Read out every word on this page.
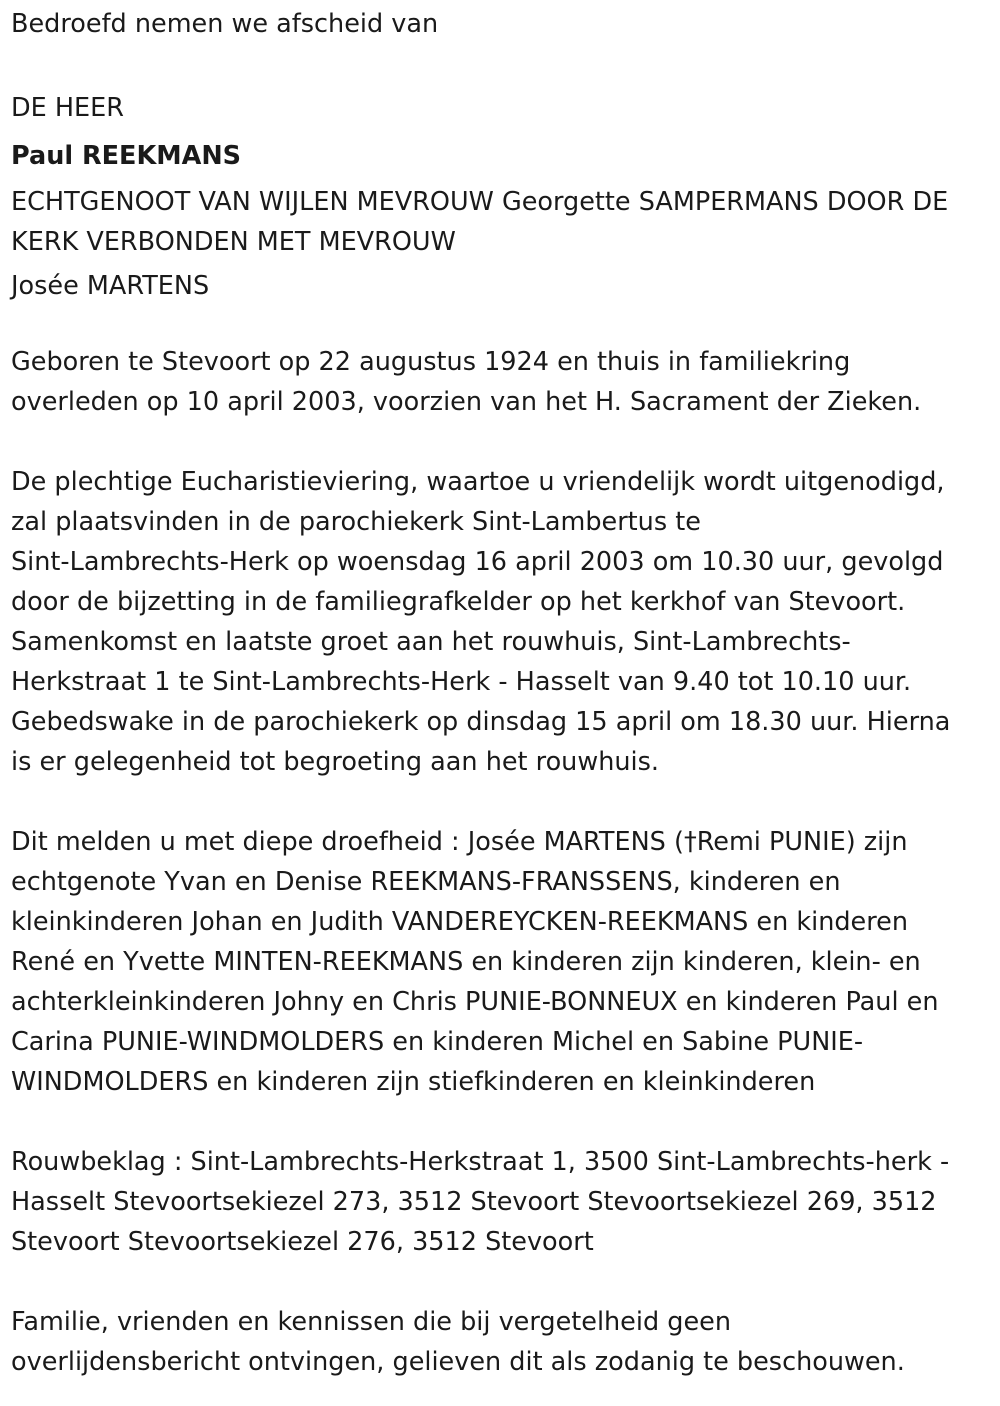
Bedroefd nemen we afscheid van

DE HEER

Paul REEKMANS

ECHTGENOOT VAN WIJLEN MEVROUW Georgette SAMPERMANS DOOR DE

KERK VERBONDEN MET MEVROUW

Josée MARTENS

Geboren te Stevoort op 22 augustus 1924 en thuis in familiekring

overleden op 10 april 2003, voorzien van het H. Sacrament der Zieken.

De plechtige Eucharistieviering, waartoe u vriendelijk wordt uitgenodigd,

zal plaatsvinden in de parochiekerk Sint-Lambertus te

Sint-Lambrechts-Herk op woensdag 16 april 2003 om 10.30 uur, gevolgd

door de bijzetting in de familiegrafkelder op het kerkhof van Stevoort.

Samenkomst en laatste groet aan het rouwhuis, Sint-Lambrechts-

Herkstraat 1 te Sint-Lambrechts-Herk - Hasselt van 9.40 tot 10.10 uur.

Gebedswake in de parochiekerk op dinsdag 15 april om 18.30 uur. Hierna

is er gelegenheid tot begroeting aan het rouwhuis.

Dit melden u met diepe droefheid : Josée MARTENS (†Remi PUNIE) zijn

echtgenote Yvan en Denise REEKMANS-FRANSSENS, kinderen en

kleinkinderen Johan en Judith VANDEREYCKEN-REEKMANS en kinderen

René en Yvette MINTEN-REEKMANS en kinderen zijn kinderen, klein- en

achterkleinkinderen Johny en Chris PUNIE-BONNEUX en kinderen Paul en

Carina PUNIE-WINDMOLDERS en kinderen Michel en Sabine PUNIE-

WINDMOLDERS en kinderen zijn stiefkinderen en kleinkinderen

Rouwbeklag : Sint-Lambrechts-Herkstraat 1, 3500 Sint-Lambrechts-herk -

Hasselt Stevoortsekiezel 273, 3512 Stevoort Stevoortsekiezel 269, 3512

Stevoort Stevoortsekiezel 276, 3512 Stevoort

Familie, vrienden en kennissen die bij vergetelheid geen

overlijdensbericht ontvingen, gelieven dit als zodanig te beschouwen.
